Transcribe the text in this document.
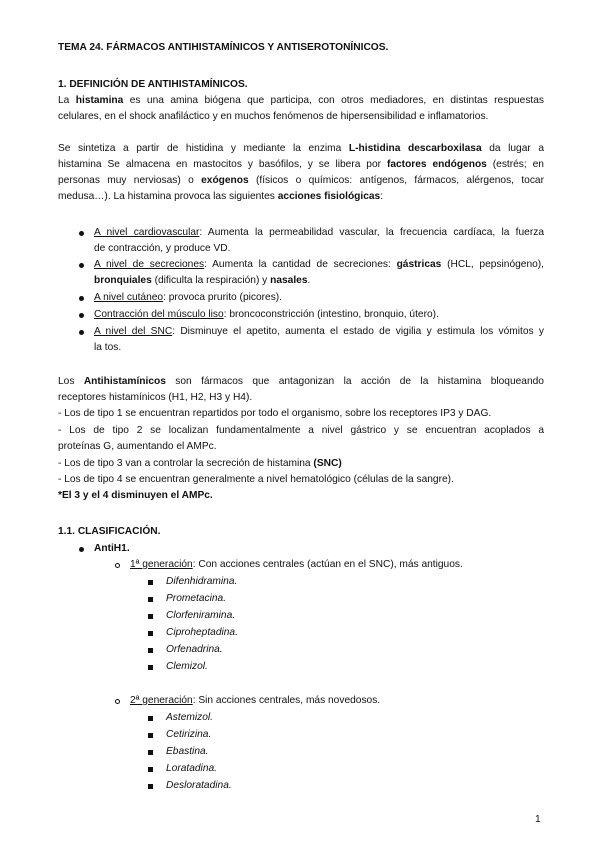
TEMA 24. FÁRMACOS ANTIHISTAMÍNICOS Y ANTISEROTONÍNICOS.
1. DEFINICIÓN DE ANTIHISTAMÍNICOS.
La histamina es una amina biógena que participa, con otros mediadores, en distintas respuestas
celulares, en el shock anafiláctico y en muchos fenómenos de hipersensibilidad e inflamatorios.
Se sintetiza a partir de histidina y mediante la enzima L-histidina descarboxilasa da lugar a
histamina Se almacena en mastocitos y basófilos, y se libera por factores endógenos (estrés; en
personas muy nerviosas) o exógenos (físicos o químicos: antígenos, fármacos, alérgenos, tocar
medusa…). La histamina provoca las siguientes acciones fisiológicas:
A nivel cardiovascular: Aumenta la permeabilidad vascular, la frecuencia cardíaca, la fuerza
de contracción, y produce VD.
A nivel de secreciones: Aumenta la cantidad de secreciones: gástricas (HCL, pepsinógeno),
bronquiales (dificulta la respiración) y nasales.
A nivel cutáneo: provoca prurito (picores).
Contracción del músculo liso: broncoconstricción (intestino, bronquio, útero).
A nivel del SNC: Disminuye el apetito, aumenta el estado de vigilia y estimula los vómitos y
la tos.
Los Antihistamínicos son fármacos que antagonizan la acción de la histamina bloqueando
receptores histamínicos (H1, H2, H3 y H4).
- Los de tipo 1 se encuentran repartidos por todo el organismo, sobre los receptores IP3 y DAG.
- Los de tipo 2 se localizan fundamentalmente a nivel gástrico y se encuentran acoplados a
proteínas G, aumentando el AMPc.
- Los de tipo 3 van a controlar la secreción de histamina (SNC)
- Los de tipo 4 se encuentran generalmente a nivel hematológico (células de la sangre).
*El 3 y el 4 disminuyen el AMPc.
1.1. CLASIFICACIÓN.
AntiH1.
1ª generación: Con acciones centrales (actúan en el SNC), más antiguos.
Difenhidramina.
Prometacina.
Clorfeniramina.
Ciproheptadina.
Orfenadrina.
Clemizol.
2ª generación: Sin acciones centrales, más novedosos.
Astemizol.
Cetirizina.
Ebastina.
Loratadina.
Desloratadina.
1
